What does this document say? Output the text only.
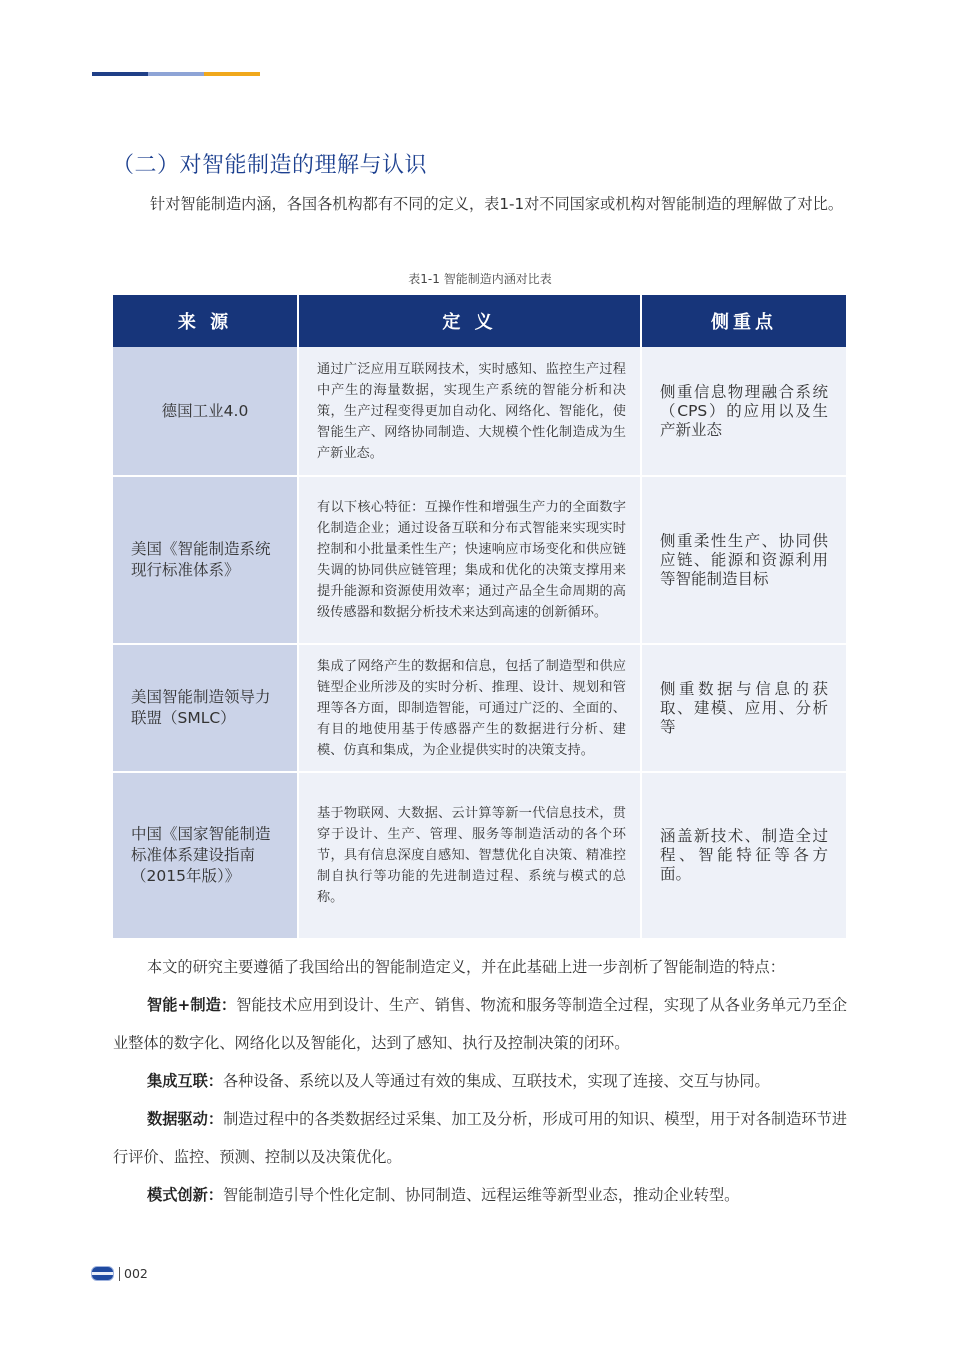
（二）对智能制造的理解与认识

针对智能制造内涵，各国各机构都有不同的定义，表1-1对不同国家或机构对智能制造的理解做了对比。

表1-1 智能制造内涵对比表
来 源	定 义	侧重点
德国工业4.0	通过广泛应用互联网技术，实时感知、监控生产过程中产生的海量数据，实现生产系统的智能分析和决策，生产过程变得更加自动化、网络化、智能化，使智能生产、网络协同制造、大规模个性化制造成为生产新业态。	侧重信息物理融合系统（CPS）的应用以及生产新业态
美国《智能制造系统现行标准体系》	有以下核心特征：互操作性和增强生产力的全面数字化制造企业；通过设备互联和分布式智能来实现实时控制和小批量柔性生产；快速响应市场变化和供应链失调的协同供应链管理；集成和优化的决策支撑用来提升能源和资源使用效率；通过产品全生命周期的高级传感器和数据分析技术来达到高速的创新循环。	侧重柔性生产、协同供应链、能源和资源利用等智能制造目标
美国智能制造领导力联盟（SMLC）	集成了网络产生的数据和信息，包括了制造型和供应链型企业所涉及的实时分析、推理、设计、规划和管理等各方面，即制造智能，可通过广泛的、全面的、有目的地使用基于传感器产生的数据进行分析、建模、仿真和集成，为企业提供实时的决策支持。	侧重数据与信息的获取、建模、应用、分析等
中国《国家智能制造标准体系建设指南（2015年版）》	基于物联网、大数据、云计算等新一代信息技术，贯穿于设计、生产、管理、服务等制造活动的各个环节，具有信息深度自感知、智慧优化自决策、精准控制自执行等功能的先进制造过程、系统与模式的总称。	涵盖新技术、制造全过程、智能特征等各方面。

本文的研究主要遵循了我国给出的智能制造定义，并在此基础上进一步剖析了智能制造的特点：

智能+制造：智能技术应用到设计、生产、销售、物流和服务等制造全过程，实现了从各业务单元乃至企业整体的数字化、网络化以及智能化，达到了感知、执行及控制决策的闭环。

集成互联：各种设备、系统以及人等通过有效的集成、互联技术，实现了连接、交互与协同。

数据驱动：制造过程中的各类数据经过采集、加工及分析，形成可用的知识、模型，用于对各制造环节进行评价、监控、预测、控制以及决策优化。

模式创新：智能制造引导个性化定制、协同制造、远程运维等新型业态，推动企业转型。

002
